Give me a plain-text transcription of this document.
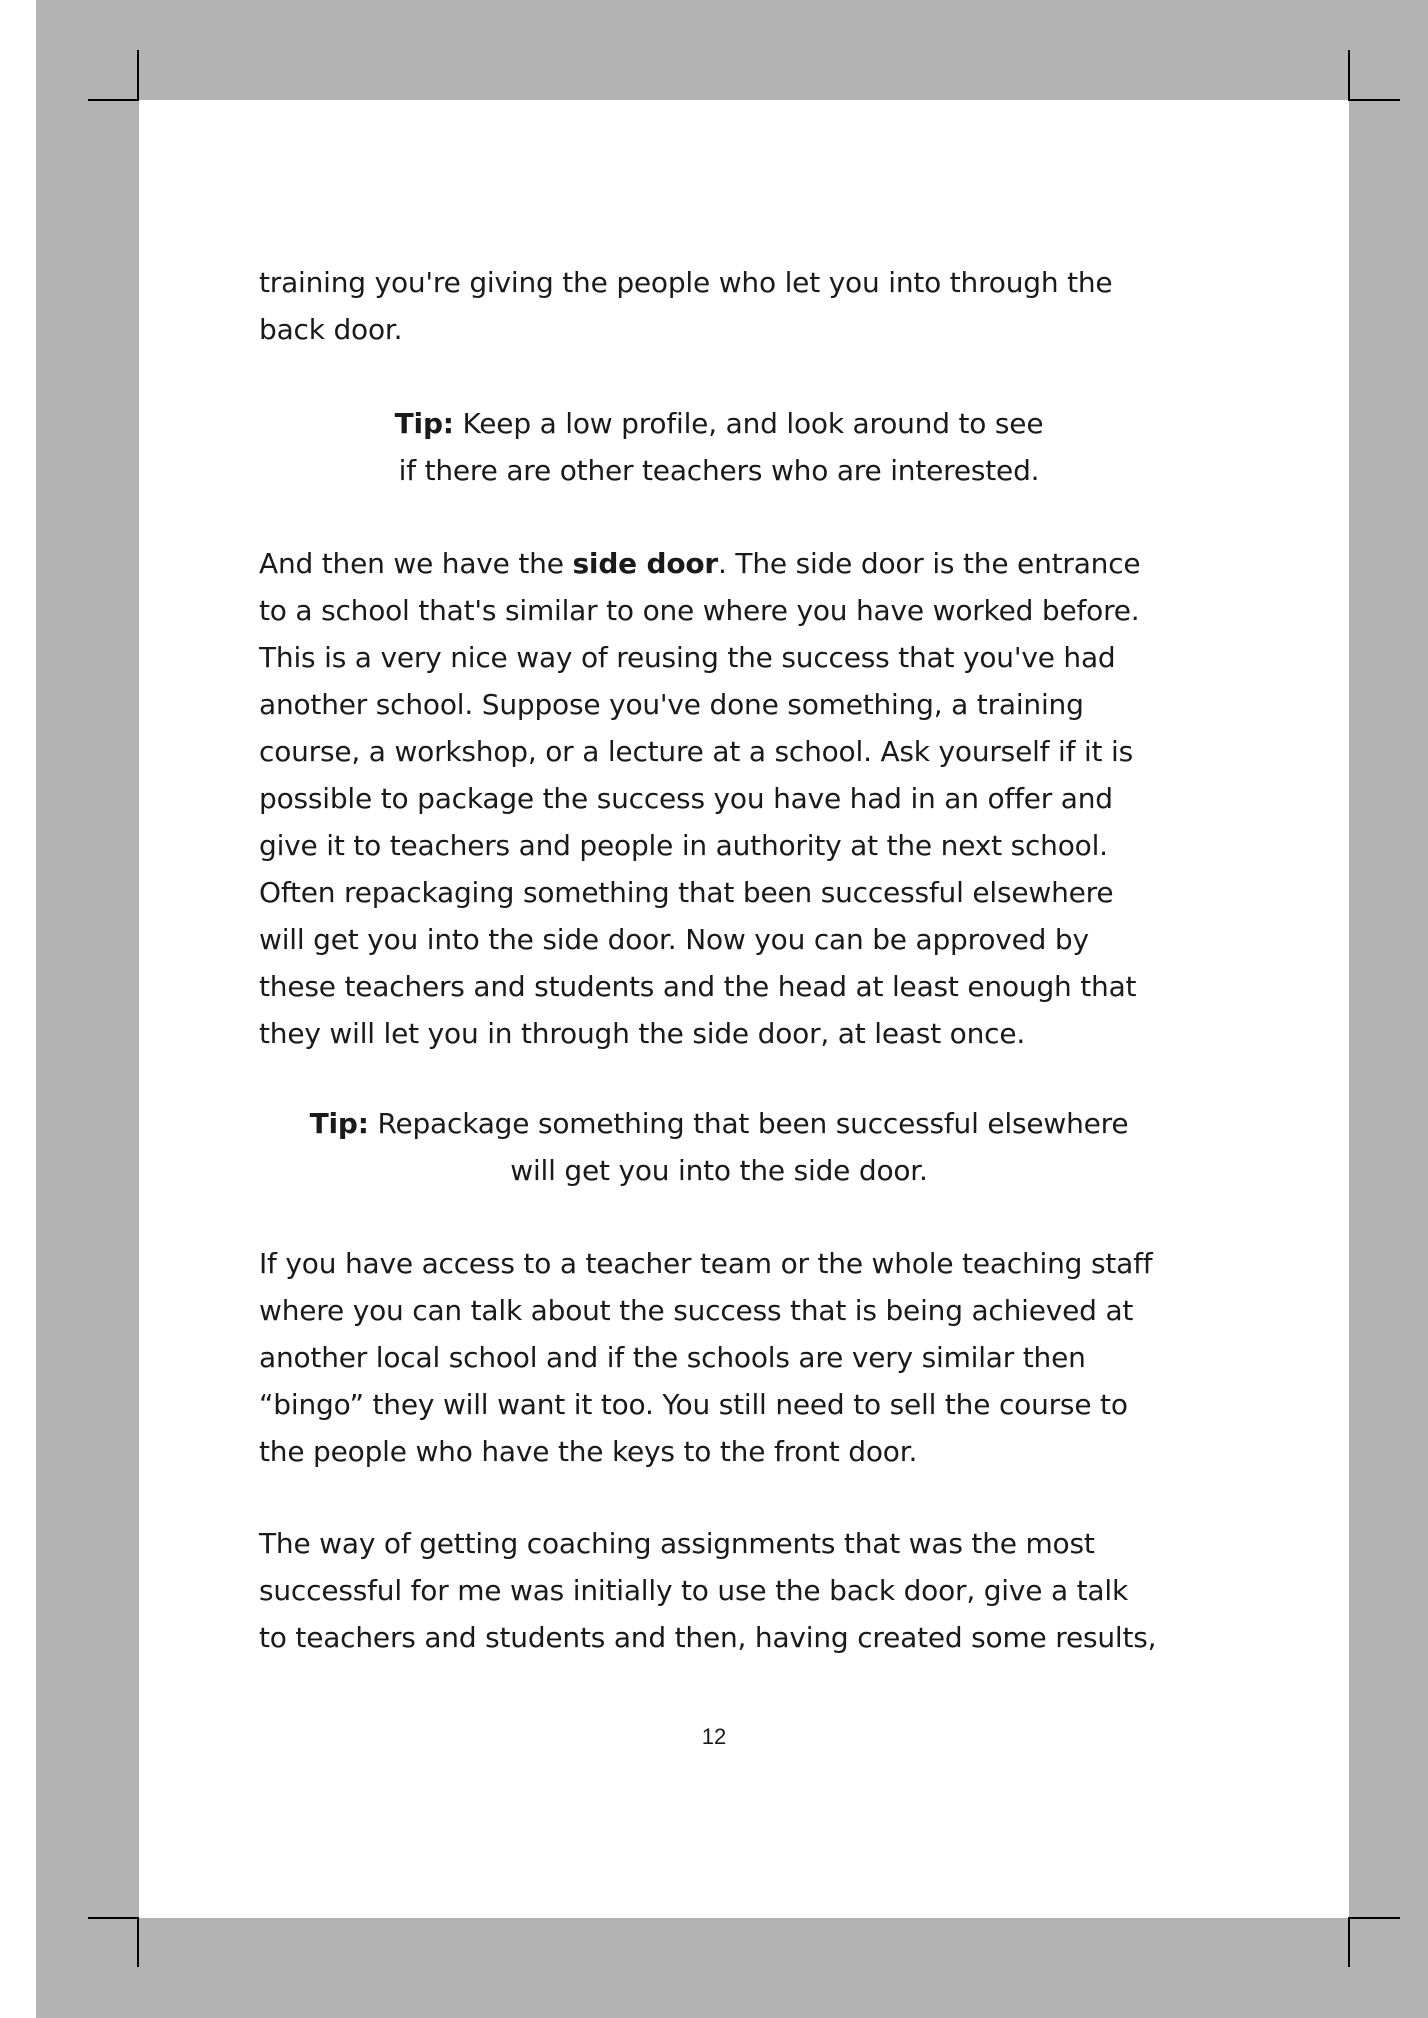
training you're giving the people who let you into through the
back door.

Tip: Keep a low profile, and look around to see
if there are other teachers who are interested.

And then we have the side door. The side door is the entrance
to a school that's similar to one where you have worked before.
This is a very nice way of reusing the success that you've had
another school. Suppose you've done something, a training
course, a workshop, or a lecture at a school. Ask yourself if it is
possible to package the success you have had in an offer and
give it to teachers and people in authority at the next school.
Often repackaging something that been successful elsewhere
will get you into the side door. Now you can be approved by
these teachers and students and the head at least enough that
they will let you in through the side door, at least once.

Tip: Repackage something that been successful elsewhere
will get you into the side door.

If you have access to a teacher team or the whole teaching staff
where you can talk about the success that is being achieved at
another local school and if the schools are very similar then
“bingo” they will want it too. You still need to sell the course to
the people who have the keys to the front door.

The way of getting coaching assignments that was the most
successful for me was initially to use the back door, give a talk
to teachers and students and then, having created some results,

12
